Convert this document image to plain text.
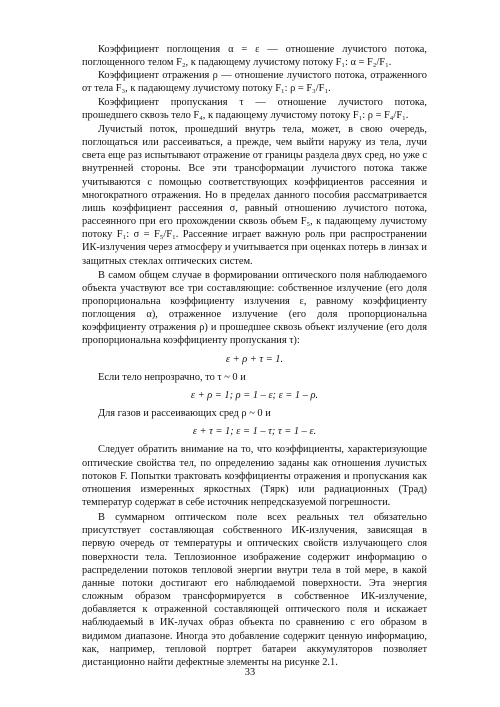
Коэффициент поглощения α = ε — отношение лучистого потока, поглощенного телом F₂, к падающему лучистому потоку F₁: α = F₂/F₁.

Коэффициент отражения ρ — отношение лучистого потока, отраженного от тела F₃, к падающему лучистому потоку F₁: ρ = F₃/F₁.

Коэффициент пропускания τ — отношение лучистого потока, прошедшего сквозь тело F₄, к падающему лучистому потоку F₁: ρ = F₄/F₁.

Лучистый поток, прошедший внутрь тела, может, в свою очередь, поглощаться или рассеиваться, а прежде, чем выйти наружу из тела, лучи света еще раз испытывают отражение от границы раздела двух сред, но уже с внутренней стороны. Все эти трансформации лучистого потока также учитываются с помощью соответствующих коэффициентов рассеяния и многократного отражения. Но в пределах данного пособия рассматривается лишь коэффициент рассеяния σ, равный отношению лучистого потока, рассеянного при его прохождении сквозь объем F₅, к падающему лучистому потоку F₁: σ = F₅/F₁. Рассеяние играет важную роль при распространении ИК-излучения через атмосферу и учитывается при оценках потерь в линзах и защитных стеклах оптических систем.

В самом общем случае в формировании оптического поля наблюдаемого объекта участвуют все три составляющие: собственное излучение (его доля пропорциональна коэффициенту излучения ε, равному коэффициенту поглощения α), отраженное излучение (его доля пропорциональна коэффициенту отражения ρ) и прошедшее сквозь объект излучение (его доля пропорциональна коэффициенту пропускания τ):

ε + ρ + τ = 1.

Если тело непрозрачно, то τ ~ 0 и

ε + ρ = 1; ρ = 1 – ε; ε = 1 – ρ.

Для газов и рассеивающих сред ρ ~ 0 и

ε + τ = 1; ε = 1 – τ; τ = 1 – ε.

Следует обратить внимание на то, что коэффициенты, характеризующие оптические свойства тел, по определению заданы как отношения лучистых потоков F. Попытки трактовать коэффициенты отражения и пропускания как отношения измеренных яркостных (Tярк) или радиационных (Tрад) температур содержат в себе источник непредсказуемой погрешности.

В суммарном оптическом поле всех реальных тел обязательно присутствует составляющая собственного ИК-излучения, зависящая в первую очередь от температуры и оптических свойств излучающего слоя поверхности тела. Теплозионное изображение содержит информацию о распределении потоков тепловой энергии внутри тела в той мере, в какой данные потоки достигают его наблюдаемой поверхности. Эта энергия сложным образом трансформируется в собственное ИК-излучение, добавляется к отраженной составляющей оптического поля и искажает наблюдаемый в ИК-лучах образ объекта по сравнению с его образом в видимом диапазоне. Иногда это добавление содержит ценную информацию, как, например, тепловой портрет батареи аккумуляторов позволяет дистанционно найти дефектные элементы на рисунке 2.1.

33
